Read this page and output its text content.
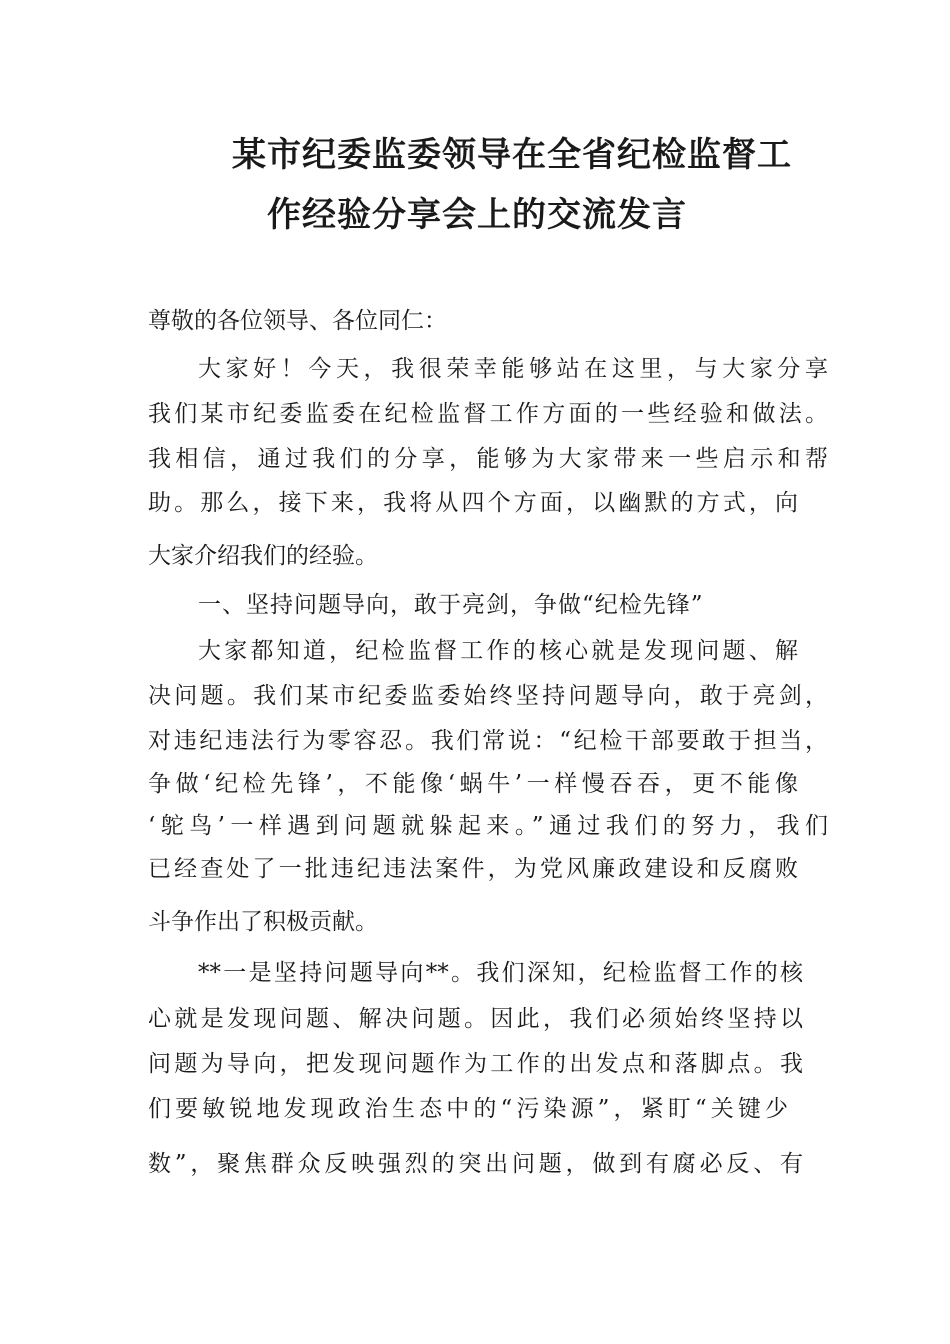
某市纪委监委领导在全省纪检监督工
作经验分享会上的交流发言

尊敬的各位领导、各位同仁：

大家好！今天，我很荣幸能够站在这里，与大家分享

我们某市纪委监委在纪检监督工作方面的一些经验和做法。

我相信，通过我们的分享，能够为大家带来一些启示和帮

助。那么，接下来，我将从四个方面，以幽默的方式，向

大家介绍我们的经验。

一、坚持问题导向，敢于亮剑，争做“纪检先锋”

大家都知道，纪检监督工作的核心就是发现问题、解

决问题。我们某市纪委监委始终坚持问题导向，敢于亮剑，

对违纪违法行为零容忍。我们常说：“纪检干部要敢于担当，

争做‘纪检先锋’，不能像‘蜗牛’一样慢吞吞，更不能像

‘鸵鸟’一样遇到问题就躲起来。”通过我们的努力，我们

已经查处了一批违纪违法案件，为党风廉政建设和反腐败

斗争作出了积极贡献。

**一是坚持问题导向**。我们深知，纪检监督工作的核

心就是发现问题、解决问题。因此，我们必须始终坚持以

问题为导向，把发现问题作为工作的出发点和落脚点。我

们要敏锐地发现政治生态中的“污染源”，紧盯“关键少

数”，聚焦群众反映强烈的突出问题，做到有腐必反、有
